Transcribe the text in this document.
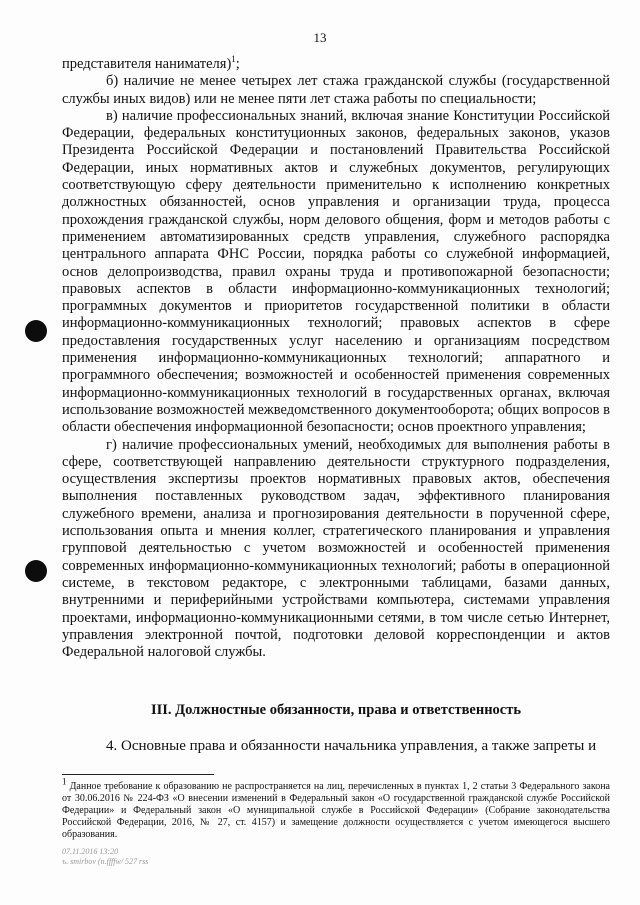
13

представителя нанимателя)$^1$;

б) наличие не менее четырех лет стажа гражданской службы (государственной службы иных видов) или не менее пяти лет стажа работы по специальности;

в) наличие профессиональных знаний, включая знание Конституции Российской Федерации, федеральных конституционных законов, федеральных законов, указов Президента Российской Федерации и постановлений Правительства Российской Федерации, иных нормативных актов и служебных документов, регулирующих соответствующую сферу деятельности применительно к исполнению конкретных должностных обязанностей, основ управления и организации труда, процесса прохождения гражданской службы, норм делового общения, форм и методов работы с применением автоматизированных средств управления, служебного распорядка центрального аппарата ФНС России, порядка работы со служебной информацией, основ делопроизводства, правил охраны труда и противопожарной безопасности; правовых аспектов в области информационно-коммуникационных технологий; программных документов и приоритетов государственной политики в области информационно-коммуникационных технологий; правовых аспектов в сфере предоставления государственных услуг населению и организациям посредством применения информационно-коммуникационных технологий; аппаратного и программного обеспечения; возможностей и особенностей применения современных информационно-коммуникационных технологий в государственных органах, включая использование возможностей межведомственного документооборота; общих вопросов в области обеспечения информационной безопасности; основ проектного управления;

г) наличие профессиональных умений, необходимых для выполнения работы в сфере, соответствующей направлению деятельности структурного подразделения, осуществления экспертизы проектов нормативных правовых актов, обеспечения выполнения поставленных руководством задач, эффективного планирования служебного времени, анализа и прогнозирования деятельности в порученной сфере, использования опыта и мнения коллег, стратегического планирования и управления групповой деятельностью с учетом возможностей и особенностей применения современных информационно-коммуникационных технологий; работы в операционной системе, в текстовом редакторе, с электронными таблицами, базами данных, внутренними и периферийными устройствами компьютера, системами управления проектами, информационно-коммуникационными сетями, в том числе сетью Интернет, управления электронной почтой, подготовки деловой корреспонденции и актов Федеральной налоговой службы.

III. Должностные обязанности, права и ответственность
4. Основные права и обязанности начальника управления, а также запреты и
$^1$ Данное требование к образованию не распространяется на лиц, перечисленных в пунктах 1, 2 статьи 3 Федерального закона от 30.06.2016 № 224-ФЗ «О внесении изменений в Федеральный закон «О государственной гражданской службе Российской Федерации» и Федеральный закон «О муниципальной службе в Российской Федерации» (Собрание законодательства Российской Федерации, 2016, № 27, ст. 4157) и замещение должности осуществляется с учетом имеющегося высшего образования.
07.11.2016 13:20
ъ. smirbov (n.ffffw/ 527 rss
